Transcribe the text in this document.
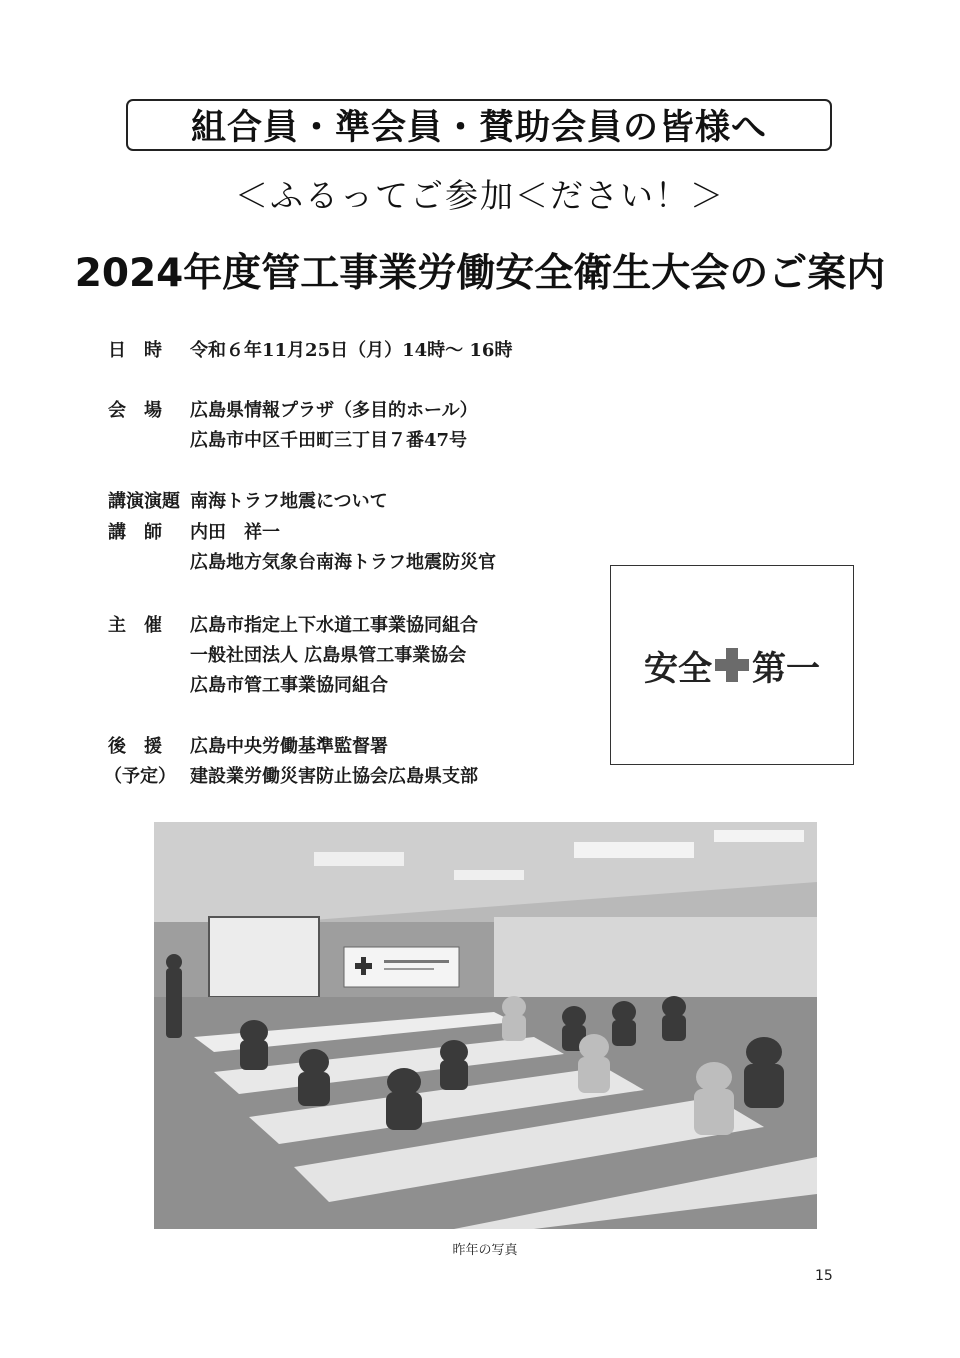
組合員・準会員・賛助会員の皆様へ
＜ふるってご参加＜ださい！＞
2024年度管工事業労働安全衛生大会のご案内
日　時	令和６年11月25日（月）14時～ 16時
会　場	広島県情報プラザ（多目的ホール）
広島市中区千田町三丁目７番47号
講演演題 南海トラフ地震について
講　師	内田　祥一
広島地方気象台南海トラフ地震防災官
主　催	広島市指定上下水道工事業協同組合
一般社団法人 広島県管工事業協会
広島市管工事業協同組合
後　援	広島中央労働基準監督署
（予定） 建設業労働災害防止協会広島県支部
安全 第一
昨年の写真
15
